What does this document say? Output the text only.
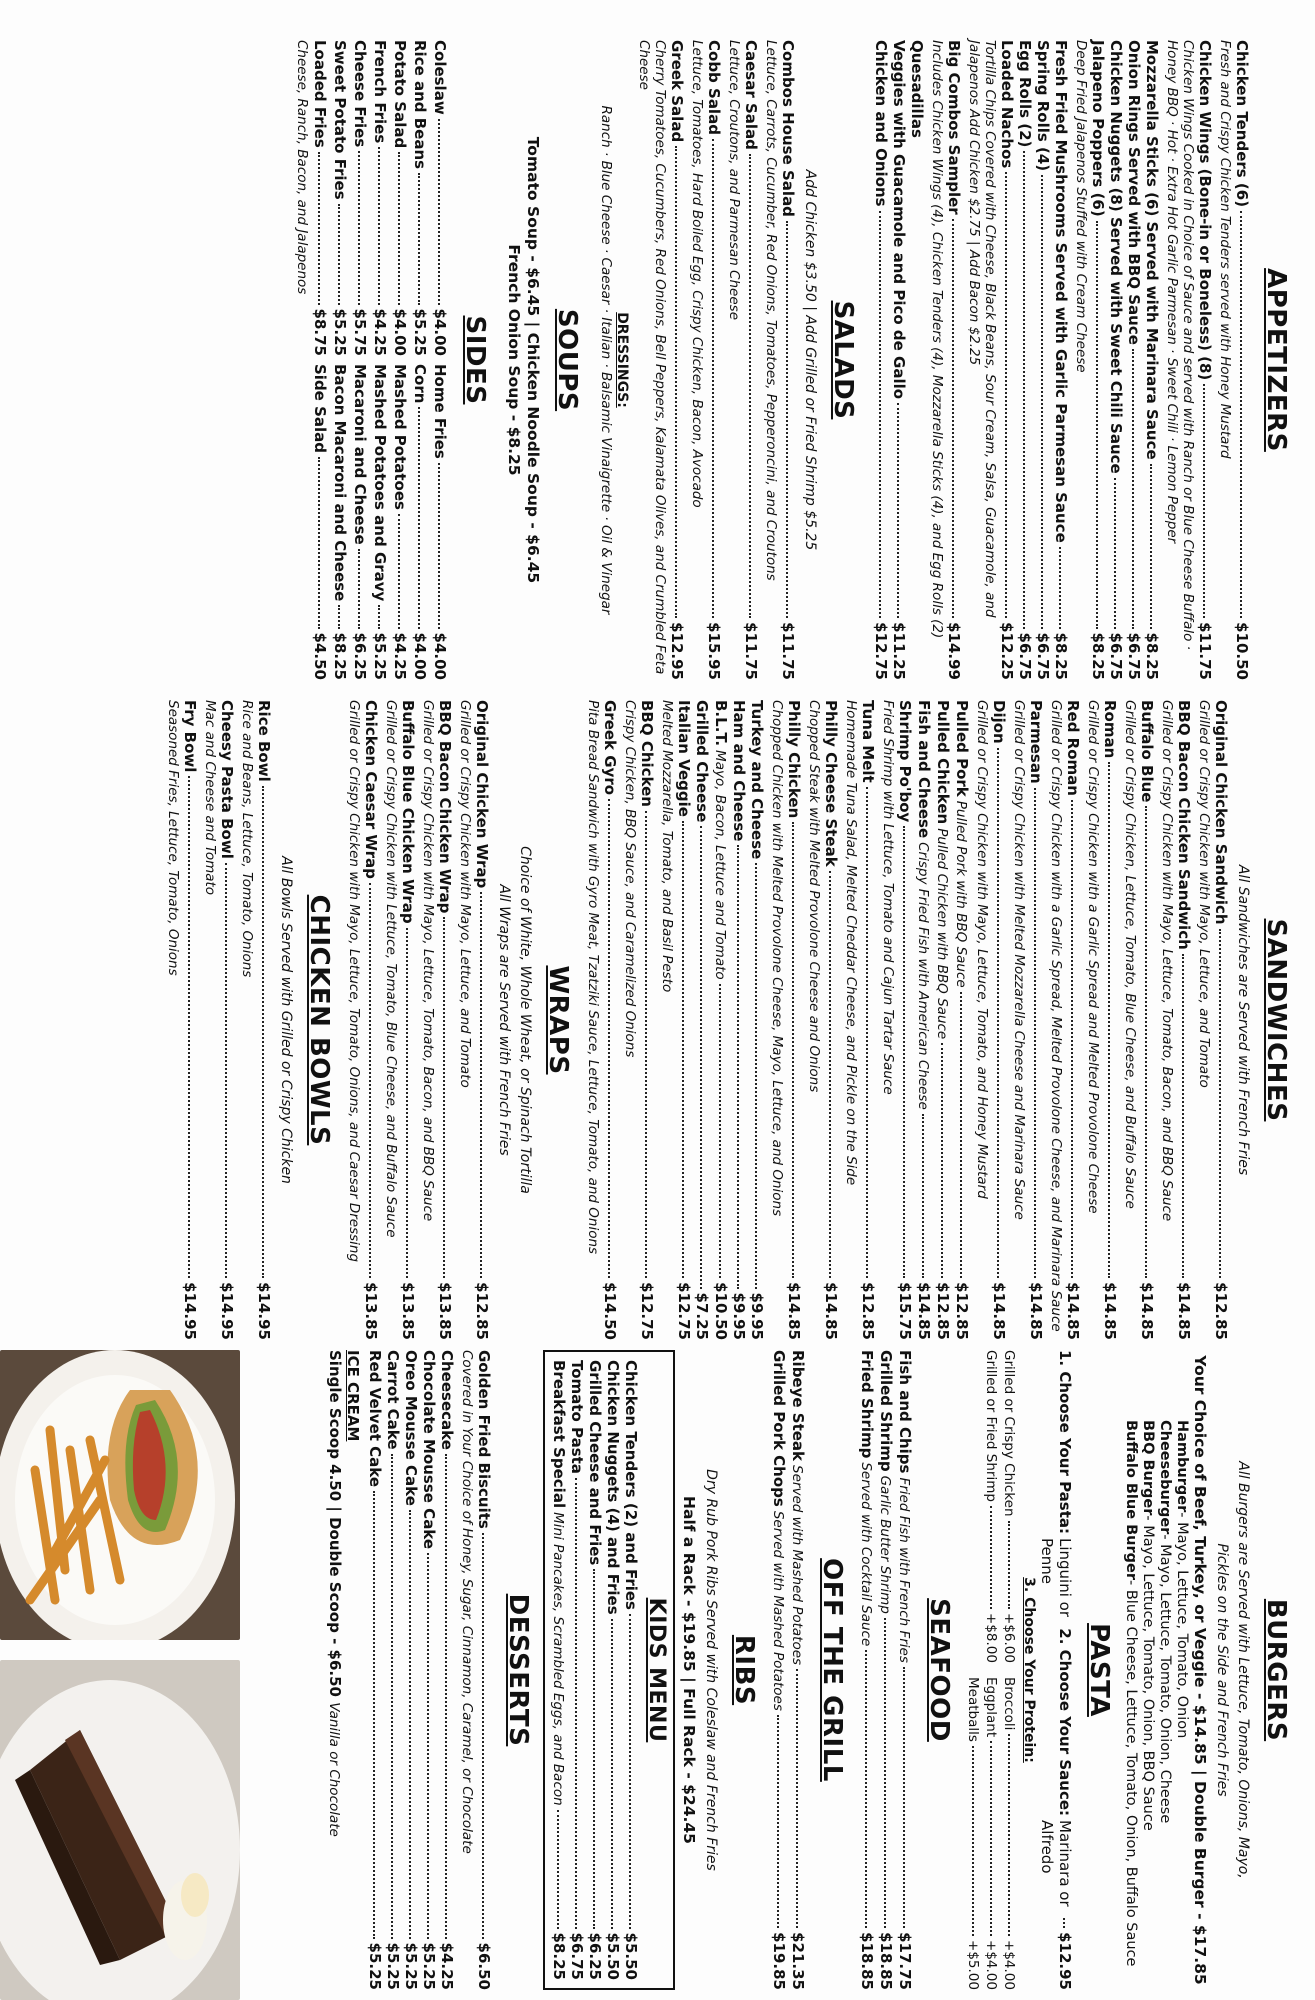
APPETIZERS
Chicken Tenders (6)
$10.50
Fresh and Crispy Chicken Tenders served with Honey Mustard
Chicken Wings (Bone-in or Boneless) (8)
$11.75
Chicken Wings Cooked in Choice of Sauce and served with Ranch or Blue Cheese Buffalo · Honey BBQ · Hot · Extra Hot Garlic Parmesan · Sweet Chili · Lemon Pepper
Mozzarella Sticks (6) Served with Marinara Sauce
$8.25
Onion Rings Served with BBQ Sauce
$6.75
Chicken Nuggets (8) Served with Sweet Chili Sauce
$6.75
Jalapeno Poppers (6)
$8.25
Deep Fried Jalapenos Stuffed with Cream Cheese
Fresh Fried Mushrooms Served with Garlic Parmesan Sauce
$8.25
Spring Rolls (4)
$6.75
Egg Rolls (2)
$6.75
Loaded Nachos
$12.25
Tortilla Chips Covered with Cheese, Black Beans, Sour Cream, Salsa, Guacamole, and Jalapenos Add Chicken $2.75 | Add Bacon $2.25
Big Combos Sampler
$14.99
Includes Chicken Wings (4), Chicken Tenders (4), Mozzarella Sticks (4), and Egg Rolls (2)
Quesadillas
Veggies with Guacamole and Pico de Gallo
$11.25
Chicken and Onions
$12.75
SALADS
Add Chicken $3.50 | Add Grilled or Fried Shrimp $5.25
Combos House Salad
$11.75
Lettuce, Carrots, Cucumber, Red Onions, Tomatoes, Pepperoncini, and Croutons
Caesar Salad
$11.75
Lettuce, Croutons, and Parmesan Cheese
Cobb Salad
$15.95
Lettuce, Tomatoes, Hard Boiled Egg, Crispy Chicken, Bacon, Avocado
Greek Salad
$12.95
Cherry Tomatoes, Cucumbers, Red Onions, Bell Peppers, Kalamata Olives, and Crumbled Feta Cheese
DRESSINGS:
Ranch · Blue Cheese · Caesar · Italian · Balsamic Vinaigrette · Oil & Vinegar
SOUPS
Tomato Soup - $6.45 | Chicken Noodle Soup - $6.45
French Onion Soup - $8.25
SIDES
Coleslaw
$4.00
Rice and Beans
$5.25
Potato Salad
$4.00
French Fries
$4.25
Cheese Fries
$5.75
Sweet Potato Fries
$5.25
Loaded Fries
$8.75
Cheese, Ranch, Bacon, and Jalapenos
Home Fries
$4.00
Corn
$4.00
Mashed Potatoes
$4.25
Mashed Potatoes and Gravy
$5.25
Macaroni and Cheese
$6.25
Bacon Macaroni and Cheese
$8.25
Side Salad
$4.50
SANDWICHES
All Sandwiches are Served with French Fries
Original Chicken Sandwich
$12.85
Grilled or Crispy Chicken with Mayo, Lettuce, and Tomato
BBQ Bacon Chicken Sandwich
$14.85
Grilled or Crispy Chicken with Mayo, Lettuce, Tomato, Bacon, and BBQ Sauce
Buffalo Blue
$14.85
Grilled or Crispy Chicken, Lettuce, Tomato, Blue Cheese, and Buffalo Sauce
Roman
$14.85
Grilled or Crispy Chicken with a Garlic Spread and Melted Provolone Cheese
Red Roman
$14.85
Grilled or Crispy Chicken with a Garlic Spread, Melted Provolone Cheese, and Marinara Sauce
Parmesan
$14.85
Grilled or Crispy Chicken with Melted Mozzarella Cheese and Marinara Sauce
Dijon
$14.85
Grilled or Crispy Chicken with Mayo, Lettuce, Tomato, and Honey Mustard
Pulled Pork
Pulled Pork with BBQ Sauce
$12.85
Pulled Chicken
Pulled Chicken with BBQ Sauce
$12.85
Fish and Cheese
Crispy Fried Fish with American Cheese
$14.85
Shrimp Po'boy
$15.75
Fried Shrimp with Lettuce, Tomato and Cajun Tartar Sauce
Tuna Melt
$12.85
Homemade Tuna Salad, Melted Cheddar Cheese, and Pickle on the Side
Philly Cheese Steak
$14.85
Chopped Steak with Melted Provolone Cheese and Onions
Philly Chicken
$14.85
Chopped Chicken with Melted Provolone Cheese, Mayo, Lettuce, and Onions
Turkey and Cheese
$9.95
Ham and Cheese
$9.95
B.L.T.
Mayo, Bacon, Lettuce and Tomato
$10.50
Grilled Cheese
$7.25
Italian Veggie
$12.75
Melted Mozzarella, Tomato, and Basil Pesto
BBQ Chicken
$12.75
Crispy Chicken, BBQ Sauce, and Caramelized Onions
Greek Gyro
$14.50
Pita Bread Sandwich with Gyro Meat, Tzatziki Sauce, Lettuce, Tomato, and Onions
WRAPS
Choice of White, Whole Wheat, or Spinach Tortilla
All Wraps are Served with French Fries
Original Chicken Wrap
$12.85
Grilled or Crispy Chicken with Mayo, Lettuce, and Tomato
BBQ Bacon Chicken Wrap
$13.85
Grilled or Crispy Chicken with Mayo, Lettuce, Tomato, Bacon, and BBQ Sauce
Buffalo Blue Chicken Wrap
$13.85
Grilled or Crispy Chicken with Lettuce, Tomato, Blue Cheese, and Buffalo Sauce
Chicken Caesar Wrap
$13.85
Grilled or Crispy Chicken with Mayo, Lettuce, Tomato, Onions, and Caesar Dressing
CHICKEN BOWLS
All Bowls Served with Grilled or Crispy Chicken
Rice Bowl
$14.95
Rice and Beans, Lettuce, Tomato, Onions
Cheesy Pasta Bowl
$14.95
Mac and Cheese and Tomato
Fry Bowl
$14.95
Seasoned Fries, Lettuce, Tomato, Onions
BURGERS
All Burgers are Served with Lettuce, Tomato, Onions, Mayo,
Pickles on the Side and French Fries
Your Choice of Beef, Turkey, or Veggie - $14.85 | Double Burger - $17.85
Hamburger- Mayo, Lettuce, Tomato, Onion
Cheeseburger- Mayo, Lettuce, Tomato, Onion, Cheese
BBQ Burger- Mayo, Lettuce, Tomato, Onion, BBQ Sauce
Buffalo Blue Burger- Blue Cheese, Lettuce, Tomato, Onion, Buffalo Sauce
PASTA
1. Choose Your Pasta:
Linguini or Penne
2. Choose Your Sauce:
Marinara or Alfredo
$12.95
3. Choose Your Protein:
Grilled or Crispy Chicken
+$6.00
Broccoli
+$4.00
Grilled or Fried Shrimp
+$8.00
Eggplant
+$4.00
Meatballs
+$5.00
SEAFOOD
Fish and Chips
Fried Fish with French Fries
$17.75
Grilled Shrimp
Garlic Butter Shrimp
$18.85
Fried Shrimp
Served with Cocktail Sauce
$18.85
OFF THE GRILL
Ribeye Steak
Served with Mashed Potatoes
$21.35
Grilled Pork Chops
Served with Mashed Potatoes
$19.85
RIBS
Dry Rub Pork Ribs Served with Coleslaw and French Fries
Half a Rack - $19.85 | Full Rack - $24.45
KIDS MENU
Chicken Tenders (2) and Fries
$5.50
Chicken Nuggets (4) and Fries
$5.50
Grilled Cheese and Fries
$6.25
Tomato Pasta
$6.75
Breakfast Special
Mini Pancakes, Scrambled Eggs, and Bacon
$8.25
DESSERTS
Golden Fried Biscuits
$6.50
Covered in Your Choice of Honey, Sugar, Cinnamon, Caramel, or Chocolate
Cheesecake
$4.25
Chocolate Mousse Cake
$5.25
Oreo Mousse Cake
$5.25
Carrot Cake
$5.25
Red Velvet Cake
$5.25
ICE CREAM
Single Scoop 4.50 | Double Scoop - $6.50 Vanilla or Chocolate
